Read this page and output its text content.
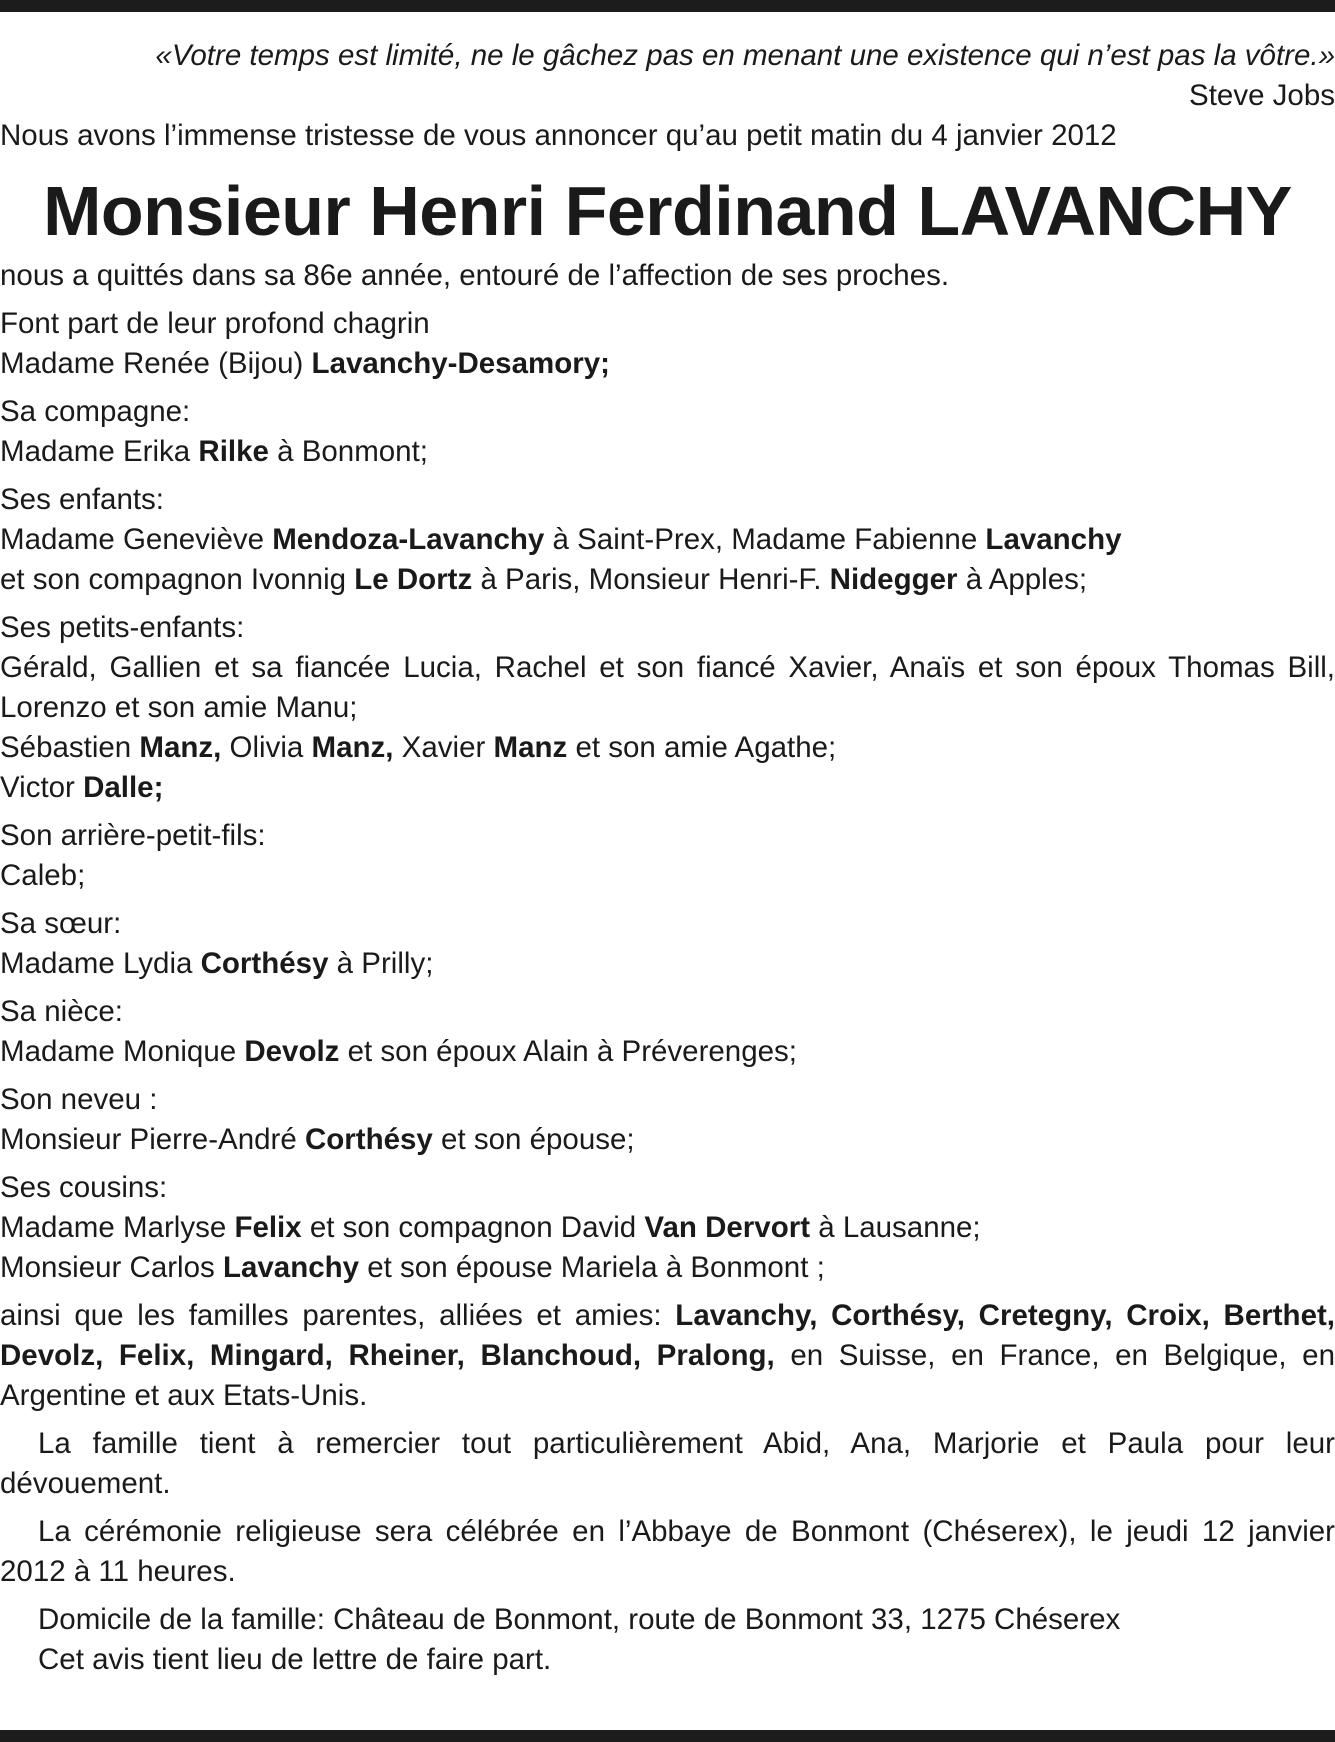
«Votre temps est limité, ne le gâchez pas en menant une existence qui n’est pas la vôtre.»
Steve Jobs

Nous avons l’immense tristesse de vous annoncer qu’au petit matin du 4 janvier 2012

Monsieur Henri Ferdinand LAVANCHY

nous a quittés dans sa 86e année, entouré de l’affection de ses proches.

Font part de leur profond chagrin
Madame Renée (Bijou) Lavanchy-Desamory;
Sa compagne:
Madame Erika Rilke à Bonmont;
Ses enfants:
Madame Geneviève Mendoza-Lavanchy à Saint-Prex, Madame Fabienne Lavanchy
et son compagnon Ivonnig Le Dortz à Paris, Monsieur Henri-F. Nidegger à Apples;
Ses petits-enfants:
Gérald, Gallien et sa fiancée Lucia, Rachel et son fiancé Xavier, Anaïs et son époux Thomas Bill, Lorenzo et son amie Manu;
Sébastien Manz, Olivia Manz, Xavier Manz et son amie Agathe;
Victor Dalle;
Son arrière-petit-fils:
Caleb;
Sa sœur:
Madame Lydia Corthésy à Prilly;
Sa nièce:
Madame Monique Devolz et son époux Alain à Préverenges;
Son neveu :
Monsieur Pierre-André Corthésy et son épouse;
Ses cousins:
Madame Marlyse Felix et son compagnon David Van Dervort à Lausanne;
Monsieur Carlos Lavanchy et son épouse Mariela à Bonmont ;

ainsi que les familles parentes, alliées et amies: Lavanchy, Corthésy, Cretegny, Croix, Berthet, Devolz, Felix, Mingard, Rheiner, Blanchoud, Pralong, en Suisse, en France, en Belgique, en Argentine et aux Etats-Unis.

La famille tient à remercier tout particulièrement Abid, Ana, Marjorie et Paula pour leur dévouement.

La cérémonie religieuse sera célébrée en l’Abbaye de Bonmont (Chéserex), le jeudi 12 janvier 2012 à 11 heures.

Domicile de la famille: Château de Bonmont, route de Bonmont 33, 1275 Chéserex

Cet avis tient lieu de lettre de faire part.
